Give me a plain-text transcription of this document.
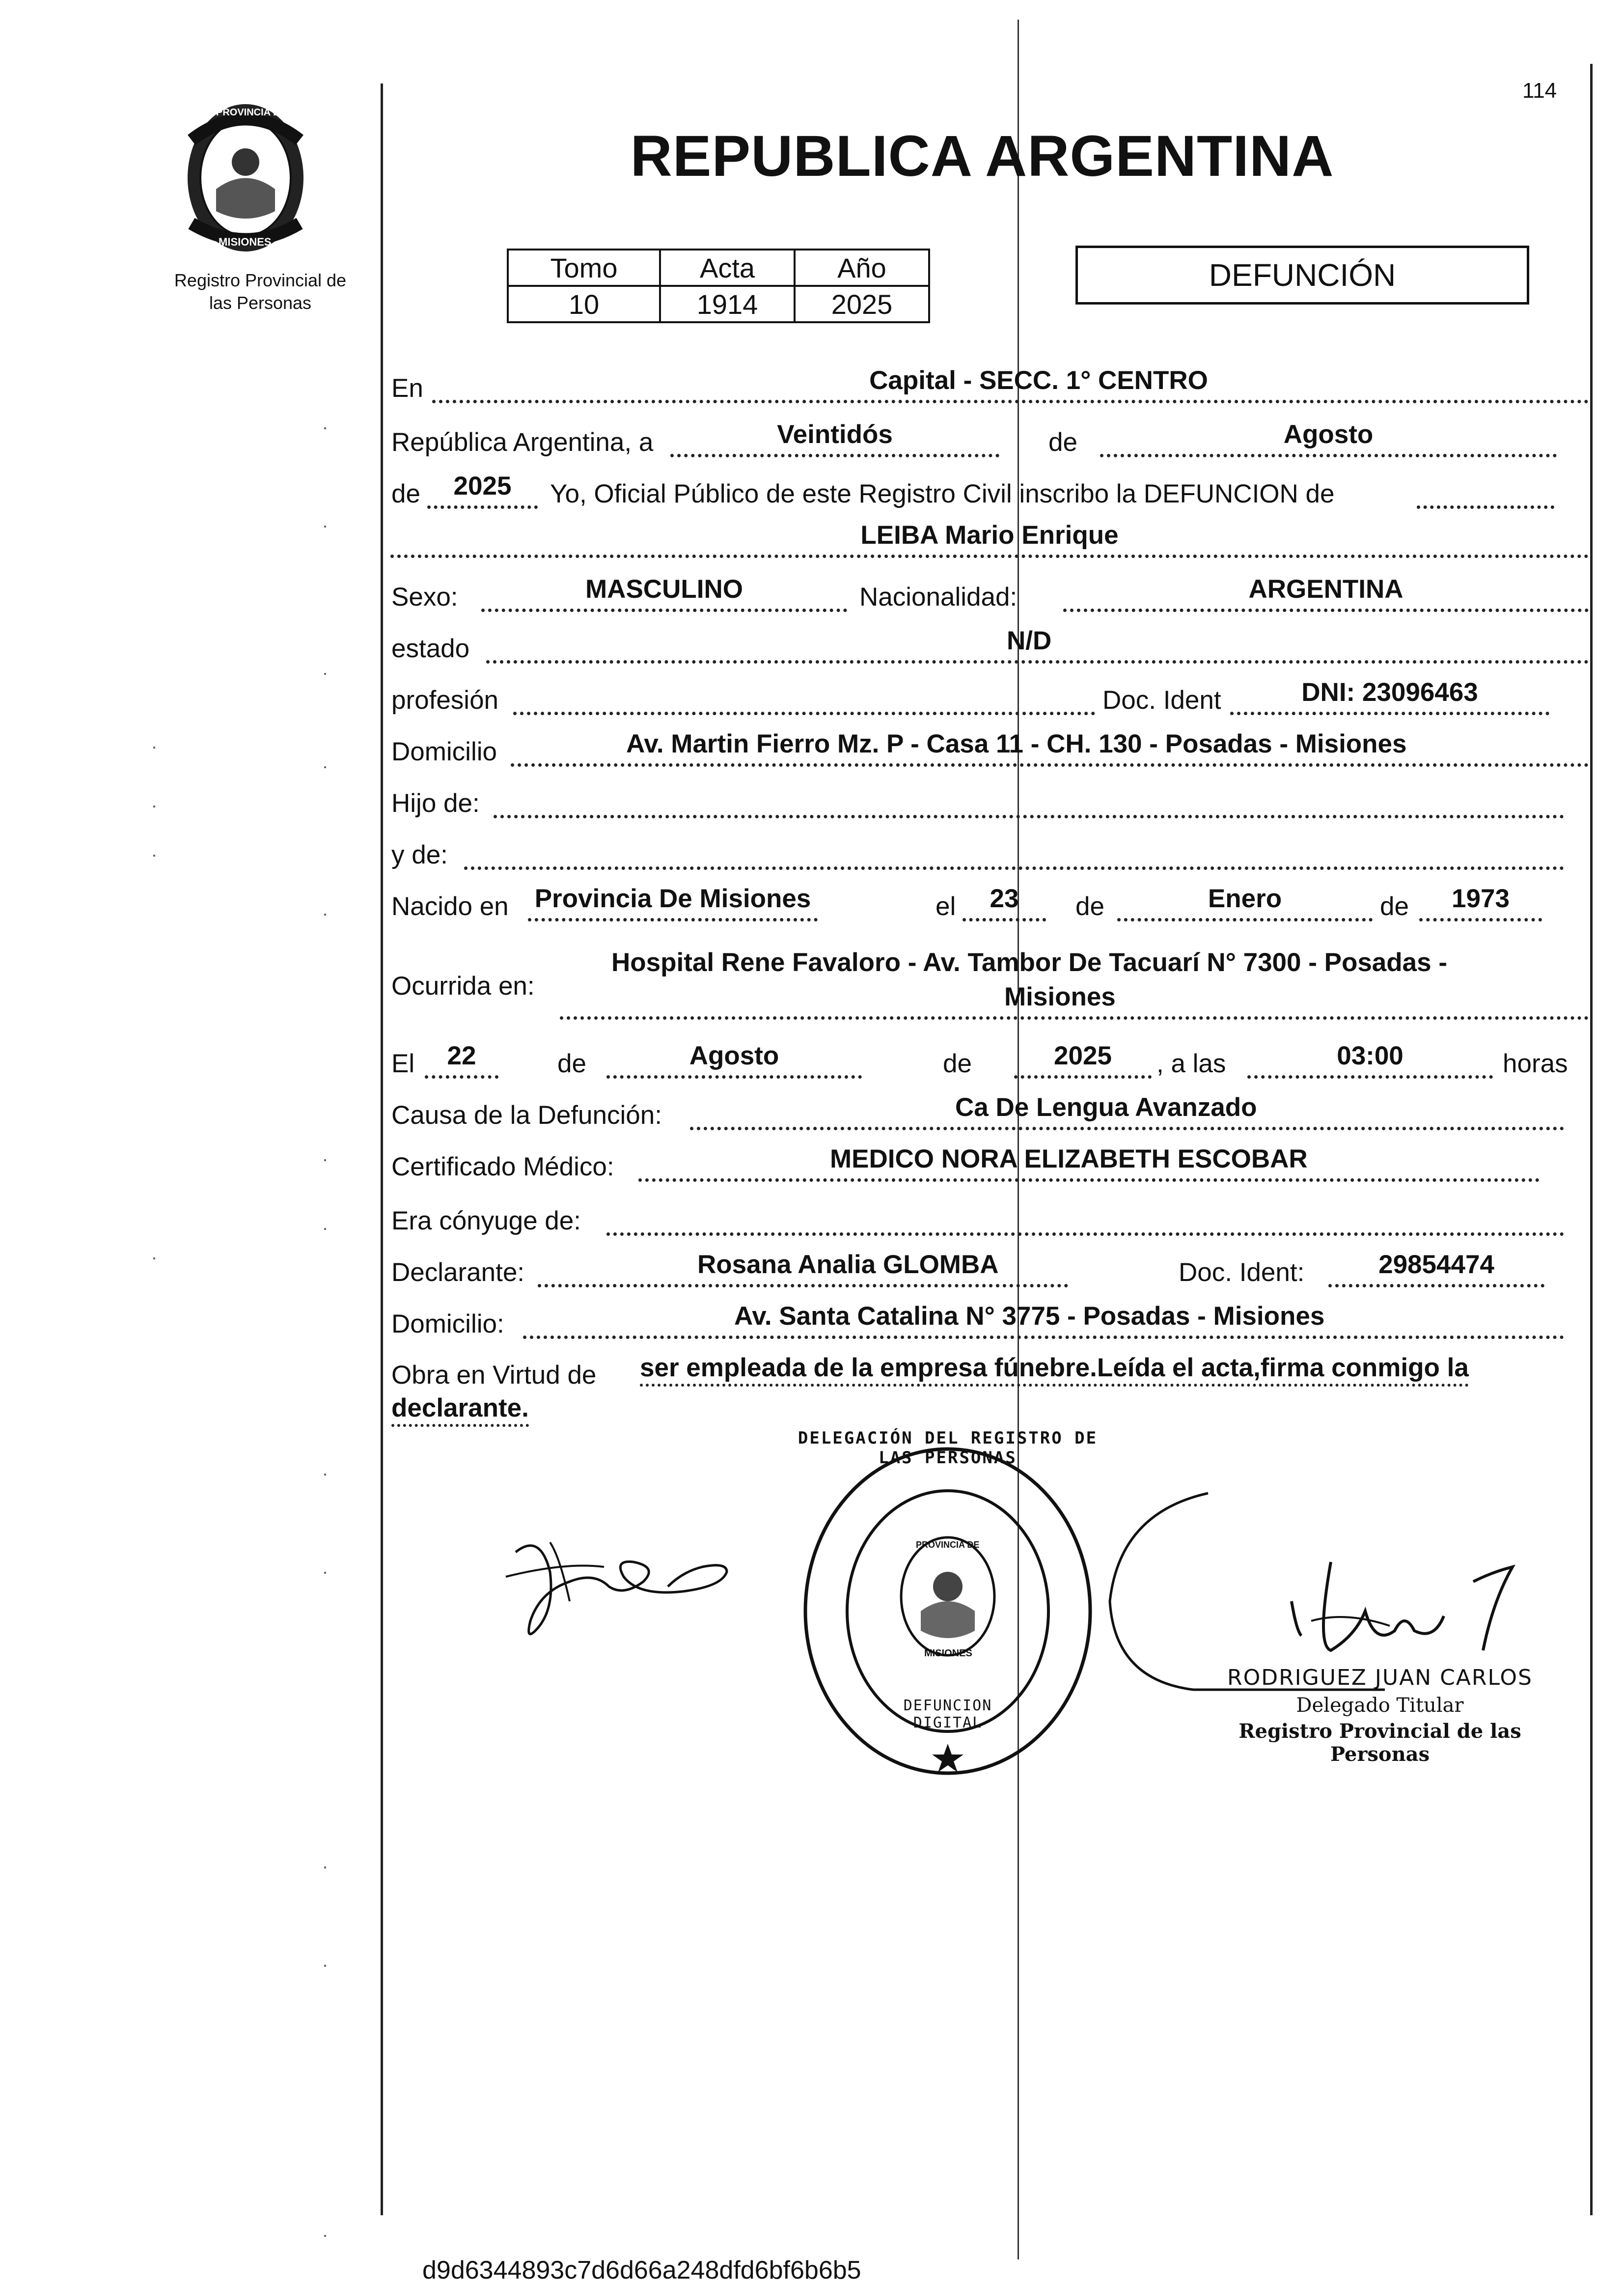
PROVINCIA DE
MISIONES
Registro Provincial de
las Personas
114
REPUBLICA ARGENTINA
Tomo	Acta	Año
10	1914	2025
DEFUNCIÓN
En	Capital - SECC. 1° CENTRO
República Argentina, a	Veintidós	de	Agosto
de	2025	Yo, Oficial Público de este Registro Civil inscribo la DEFUNCION de
LEIBA Mario Enrique
Sexo:	MASCULINO	Nacionalidad:	ARGENTINA
estado	N/D
profesión	Doc. Ident	DNI: 23096463
Domicilio	Av. Martin Fierro Mz. P - Casa 11 - CH. 130 - Posadas - Misiones
Hijo de:
y de:
Nacido en Provincia De Misiones	el	23	de	Enero	de	1973
Ocurrida en:
Hospital Rene Favaloro - Av. Tambor De Tacuarí N° 7300 - Posadas -
Misiones
El	22	de	Agosto	de	2025	, a las	03:00	horas
Causa de la Defunción:	Ca De Lengua Avanzado
Certificado Médico:	MEDICO NORA ELIZABETH ESCOBAR
Era cónyuge de:
Declarante:	Rosana Analia GLOMBA	Doc. Ident:	29854474
Domicilio:	Av. Santa Catalina N° 3775 - Posadas - Misiones
Obra en Virtud de ser empleada de la empresa fúnebre.Leída el acta,firma conmigo la
declarante.
DELEGACIÓN DEL REGISTRO DE LAS PERSONAS
DEFUNCION DIGITAL
PROVINCIA DE
MISIONES
RODRIGUEZ JUAN CARLOS
Delegado Titular
Registro Provincial de las Personas
d9d6344893c7d6d66a248dfd6bf6b6b5
